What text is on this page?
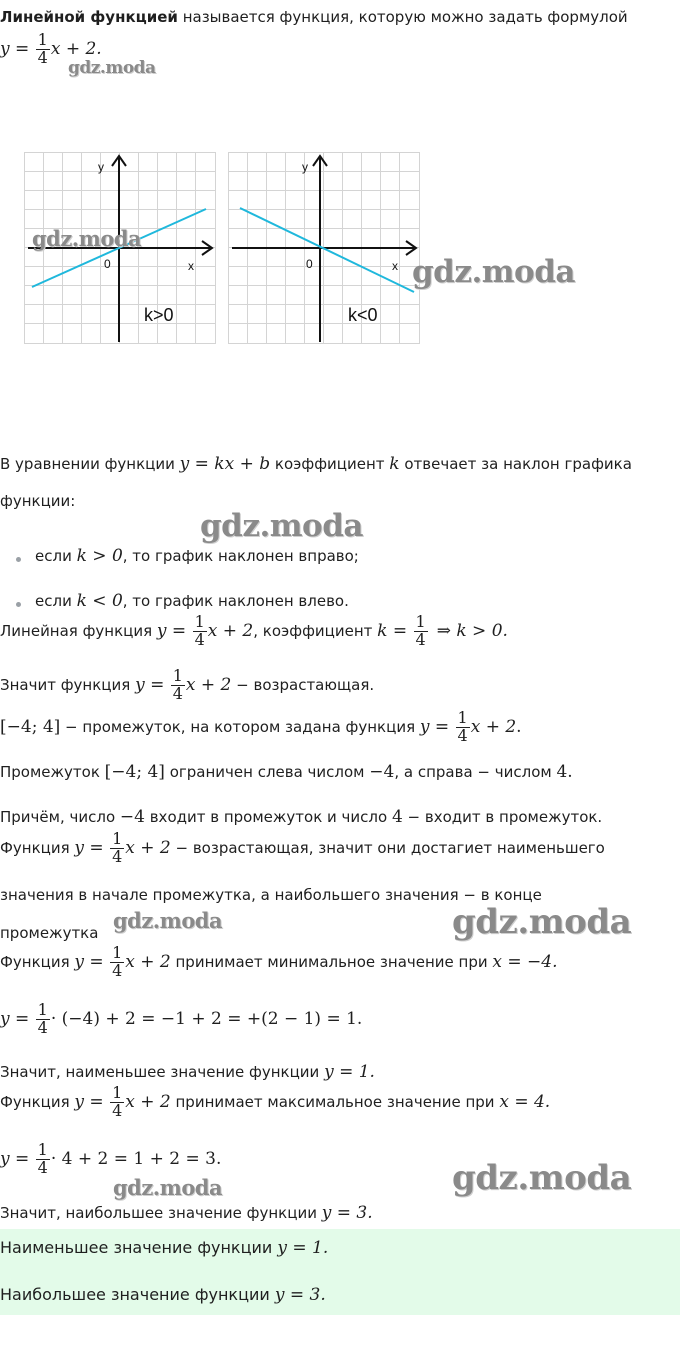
Линейной функцией называется функция, которую можно задать формулой
$y = \frac{1}{4}$ x + 2.
gdz.moda
y
x
0
k>0
gdz.moda
y
x
0
k<0
gdz.moda
В уравнении функции y = kx + b коэффициент k отвечает за наклон графика
функции:
gdz.moda
если k > 0, то график наклонен вправо;
если k < 0, то график наклонен влево.
Линейная функция $y = \frac{1}{4}$ x + 2, коэффициент $k = \frac{1}{4}$ ⇒ k > 0.
Значит функция $y = \frac{1}{4}$ x + 2 − возрастающая.
[−4; 4] − промежуток, на котором задана функция $y = \frac{1}{4}$ x + 2.
Промежуток [−4; 4] ограничен слева числом −4, а справа − числом 4.
Причём, число −4 входит в промежуток и число 4 − входит в промежуток.
Функция $y = \frac{1}{4}$ x + 2 − возрастающая, значит они достагиет наименьшего
значения в начале промежутка, а наибольшего значения − в конце
промежутка gdz.moda	gdz.moda
Функция $y = \frac{1}{4}$ x + 2 принимает минимальное значение при x = −4.
$y = \frac{1}{4} \cdot (-4) + 2 = -1 + 2 = +(2 - 1) = 1$.
Значит, наименьшее значение функции y = 1.
Функция $y = \frac{1}{4}$ x + 2 принимает максимальное значение при x = 4.
$y = \frac{1}{4} \cdot 4 + 2 = 1 + 2 = 3$.
gdz.moda	gdz.moda
Значит, наибольшее значение функции y = 3.
Наименьшее значение функции y = 1.
Наибольшее значение функции y = 3.
